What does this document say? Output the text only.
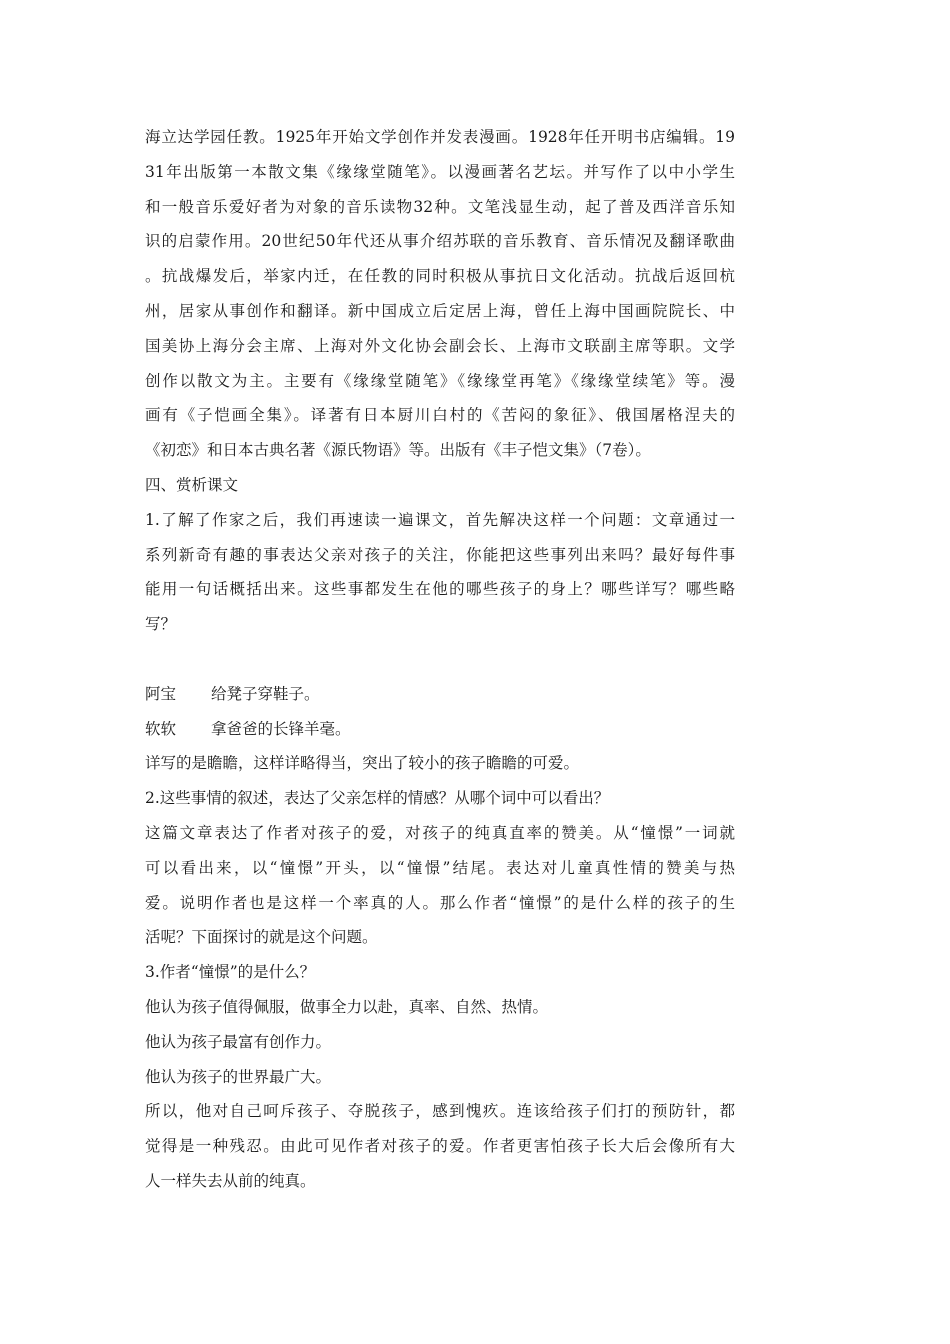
海立达学园任教。1925年开始文学创作并发表漫画。1928年任开明书店编辑。19
31年出版第一本散文集《缘缘堂随笔》。以漫画著名艺坛。并写作了以中小学生
和一般音乐爱好者为对象的音乐读物32种。文笔浅显生动，起了普及西洋音乐知
识的启蒙作用。20世纪50年代还从事介绍苏联的音乐教育、音乐情况及翻译歌曲
。抗战爆发后，举家内迁，在任教的同时积极从事抗日文化活动。抗战后返回杭
州，居家从事创作和翻译。新中国成立后定居上海，曾任上海中国画院院长、中
国美协上海分会主席、上海对外文化协会副会长、上海市文联副主席等职。文学
创作以散文为主。主要有《缘缘堂随笔》《缘缘堂再笔》《缘缘堂续笔》等。漫
画有《子恺画全集》。译著有日本厨川白村的《苦闷的象征》、俄国屠格涅夫的
《初恋》和日本古典名著《源氏物语》等。出版有《丰子恺文集》（7卷）。
四、赏析课文
1.了解了作家之后，我们再速读一遍课文，首先解决这样一个问题：文章通过一
系列新奇有趣的事表达父亲对孩子的关注，你能把这些事列出来吗？最好每件事
能用一句话概括出来。这些事都发生在他的哪些孩子的身上？哪些详写？哪些略
写？
阿宝 给凳子穿鞋子。
软软 拿爸爸的长锋羊毫。
详写的是瞻瞻，这样详略得当，突出了较小的孩子瞻瞻的可爱。
2.这些事情的叙述，表达了父亲怎样的情感？从哪个词中可以看出？
这篇文章表达了作者对孩子的爱，对孩子的纯真直率的赞美。从“憧憬”一词就
可以看出来，以“憧憬”开头，以“憧憬”结尾。表达对儿童真性情的赞美与热
爱。说明作者也是这样一个率真的人。那么作者“憧憬”的是什么样的孩子的生
活呢？下面探讨的就是这个问题。
3.作者“憧憬”的是什么？
他认为孩子值得佩服，做事全力以赴，真率、自然、热情。
他认为孩子最富有创作力。
他认为孩子的世界最广大。
所以，他对自己呵斥孩子、夺脱孩子，感到愧疚。连该给孩子们打的预防针，都
觉得是一种残忍。由此可见作者对孩子的爱。作者更害怕孩子长大后会像所有大
人一样失去从前的纯真。
